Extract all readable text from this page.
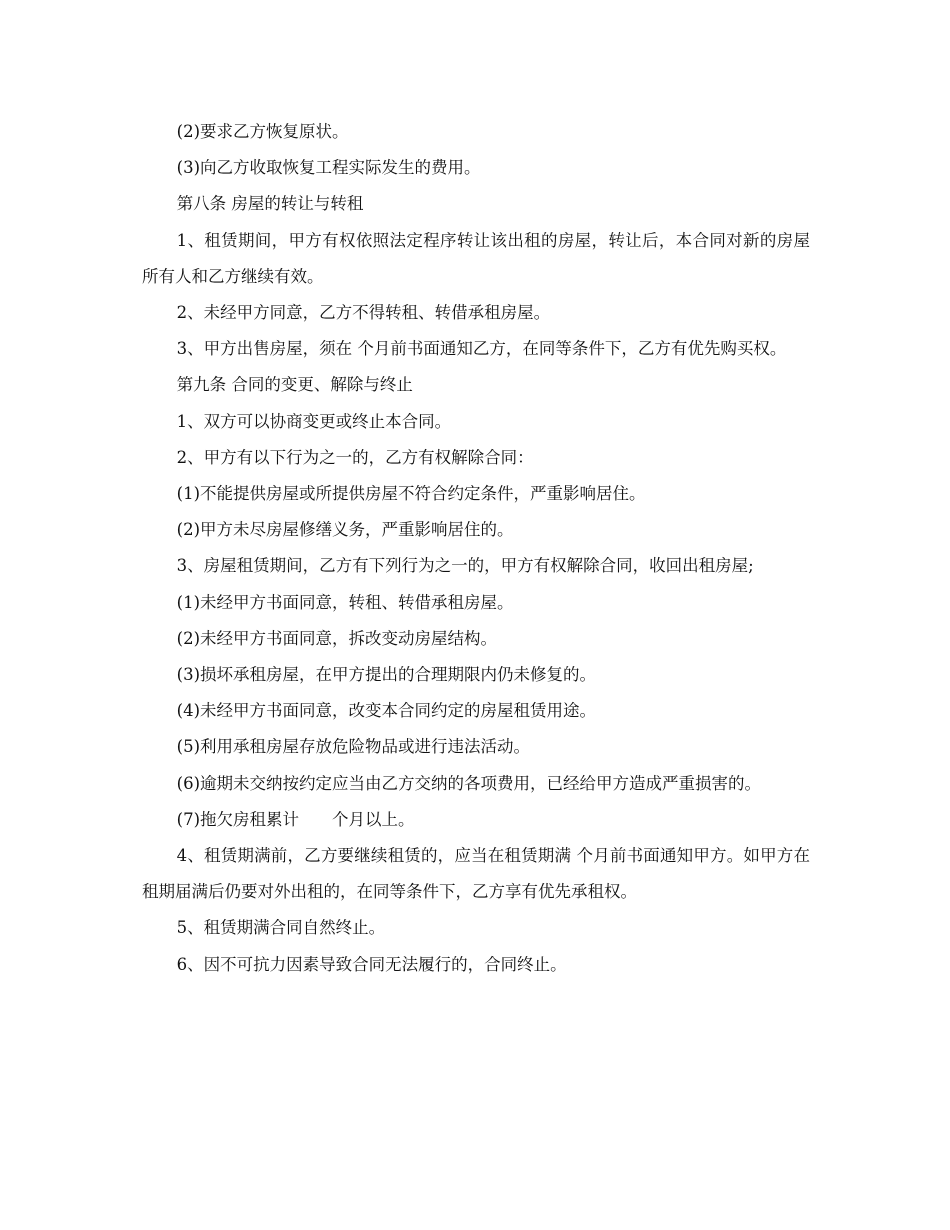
(2)要求乙方恢复原状。

(3)向乙方收取恢复工程实际发生的费用。

第八条 房屋的转让与转租

1、租赁期间，甲方有权依照法定程序转让该出租的房屋，转让后，本合同对新的房屋所有人和乙方继续有效。

2、未经甲方同意，乙方不得转租、转借承租房屋。

3、甲方出售房屋，须在 个月前书面通知乙方，在同等条件下，乙方有优先购买权。

第九条 合同的变更、解除与终止

1、双方可以协商变更或终止本合同。

2、甲方有以下行为之一的，乙方有权解除合同：

(1)不能提供房屋或所提供房屋不符合约定条件，严重影响居住。

(2)甲方未尽房屋修缮义务，严重影响居住的。

3、房屋租赁期间，乙方有下列行为之一的，甲方有权解除合同，收回出租房屋;

(1)未经甲方书面同意，转租、转借承租房屋。

(2)未经甲方书面同意，拆改变动房屋结构。

(3)损坏承租房屋，在甲方提出的合理期限内仍未修复的。

(4)未经甲方书面同意，改变本合同约定的房屋租赁用途。

(5)利用承租房屋存放危险物品或进行违法活动。

(6)逾期未交纳按约定应当由乙方交纳的各项费用，已经给甲方造成严重损害的。

(7)拖欠房租累计　　个月以上。

4、租赁期满前，乙方要继续租赁的，应当在租赁期满 个月前书面通知甲方。如甲方在租期届满后仍要对外出租的，在同等条件下，乙方享有优先承租权。

5、租赁期满合同自然终止。

6、因不可抗力因素导致合同无法履行的，合同终止。
